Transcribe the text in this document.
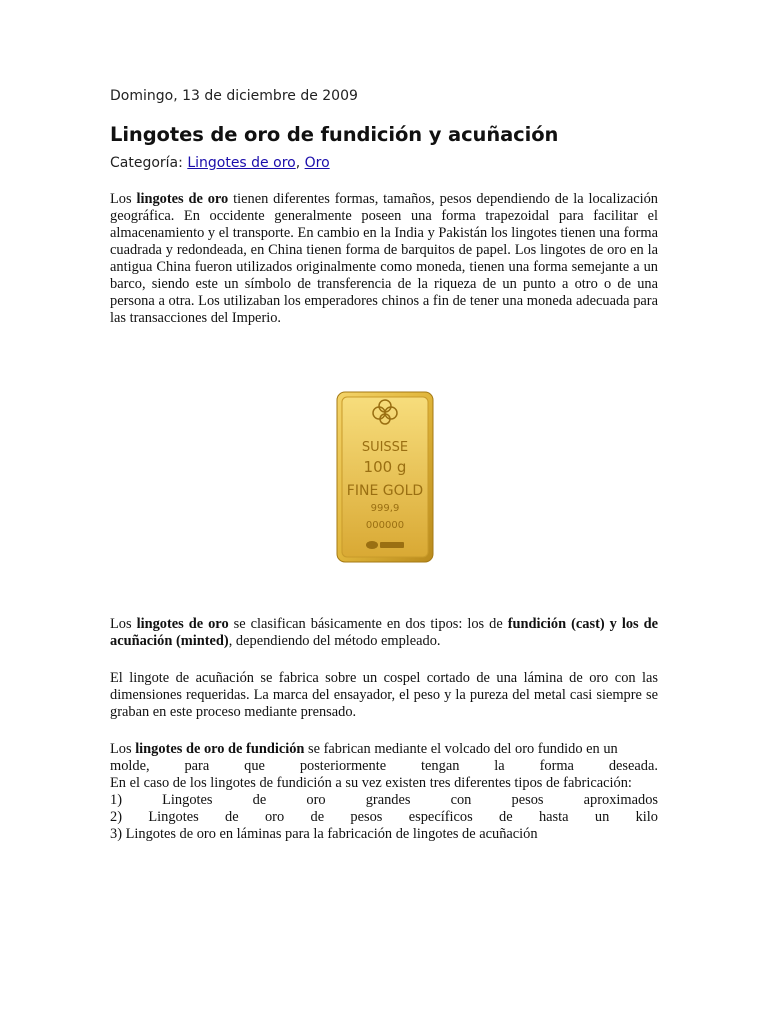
Domingo, 13 de diciembre de 2009
Lingotes de oro de fundición y acuñación
Categoría: Lingotes de oro, Oro

Los lingotes de oro tienen diferentes formas, tamaños, pesos dependiendo de la localización geográfica. En occidente generalmente poseen una forma trapezoidal para facilitar el almacenamiento y el transporte. En cambio en la India y Pakistán los lingotes tienen una forma cuadrada y redondeada, en China tienen forma de barquitos de papel. Los lingotes de oro en la antigua China fueron utilizados originalmente como moneda, tienen una forma semejante a un barco, siendo este un símbolo de transferencia de la riqueza de un punto a otro o de una persona a otra. Los utilizaban los emperadores chinos a fin de tener una moneda adecuada para las transacciones del Imperio.

SUISSE
100 g
FINE GOLD
999,9
000000

Los lingotes de oro se clasifican básicamente en dos tipos: los de fundición (cast) y los de acuñación (minted), dependiendo del método empleado.

El lingote de acuñación se fabrica sobre un cospel cortado de una lámina de oro con las dimensiones requeridas. La marca del ensayador, el peso y la pureza del metal casi siempre se graban en este proceso mediante prensado.

Los lingotes de oro de fundición se fabrican mediante el volcado del oro fundido en un
molde, para que posteriormente tengan la forma deseada.
En el caso de los lingotes de fundición a su vez existen tres diferentes tipos de fabricación:
1) Lingotes de oro grandes con pesos aproximados
2) Lingotes de oro de pesos específicos de hasta un kilo
3) Lingotes de oro en láminas para la fabricación de lingotes de acuñación
